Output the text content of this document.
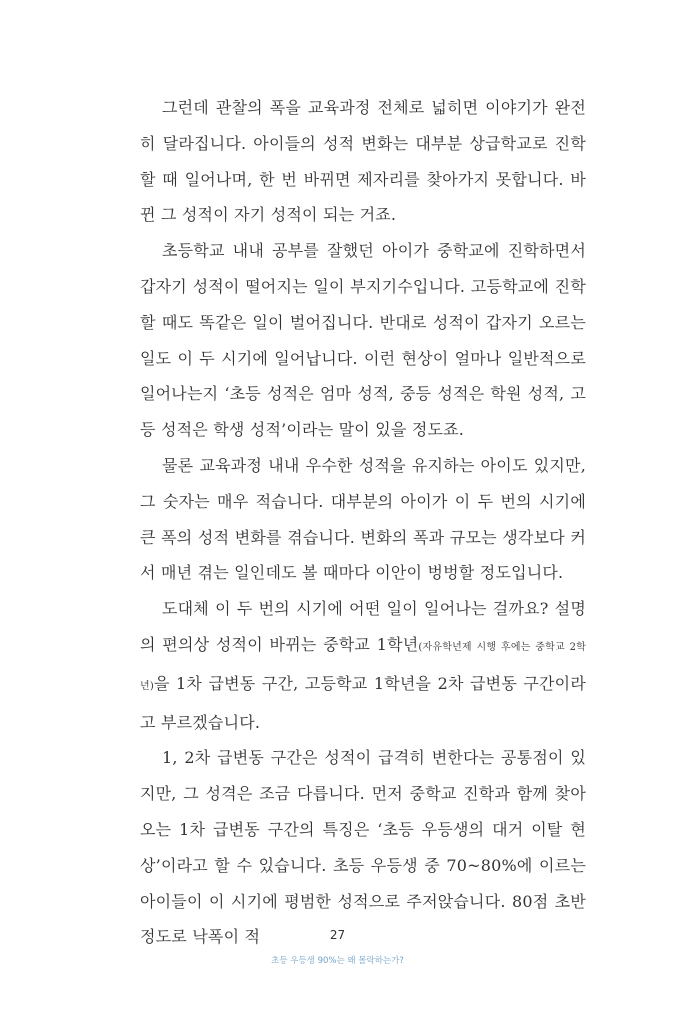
그런데 관찰의 폭을 교육과정 전체로 넓히면 이야기가 완전히 달라집니다. 아이들의 성적 변화는 대부분 상급학교로 진학할 때 일어나며, 한 번 바뀌면 제자리를 찾아가지 못합니다. 바뀐 그 성적이 자기 성적이 되는 거죠.

초등학교 내내 공부를 잘했던 아이가 중학교에 진학하면서 갑자기 성적이 떨어지는 일이 부지기수입니다. 고등학교에 진학할 때도 똑같은 일이 벌어집니다. 반대로 성적이 갑자기 오르는 일도 이 두 시기에 일어납니다. 이런 현상이 얼마나 일반적으로 일어나는지 ‘초등 성적은 엄마 성적, 중등 성적은 학원 성적, 고등 성적은 학생 성적’이라는 말이 있을 정도죠.

물론 교육과정 내내 우수한 성적을 유지하는 아이도 있지만, 그 숫자는 매우 적습니다. 대부분의 아이가 이 두 번의 시기에 큰 폭의 성적 변화를 겪습니다. 변화의 폭과 규모는 생각보다 커서 매년 겪는 일인데도 볼 때마다 이안이 벙벙할 정도입니다.

도대체 이 두 번의 시기에 어떤 일이 일어나는 걸까요? 설명의 편의상 성적이 바뀌는 중학교 1학년(자유학년제 시행 후에는 중학교 2학년)을 1차 급변동 구간, 고등학교 1학년을 2차 급변동 구간이라고 부르겠습니다.

1, 2차 급변동 구간은 성적이 급격히 변한다는 공통점이 있지만, 그 성격은 조금 다릅니다. 먼저 중학교 진학과 함께 찾아오는 1차 급변동 구간의 특징은 ‘초등 우등생의 대거 이탈 현상’이라고 할 수 있습니다. 초등 우등생 중 70~80%에 이르는 아이들이 이 시기에 평범한 성적으로 주저앉습니다. 80점 초반 정도로 낙폭이 적	27
초등 우등생 90%는 왜 몰락하는가?
